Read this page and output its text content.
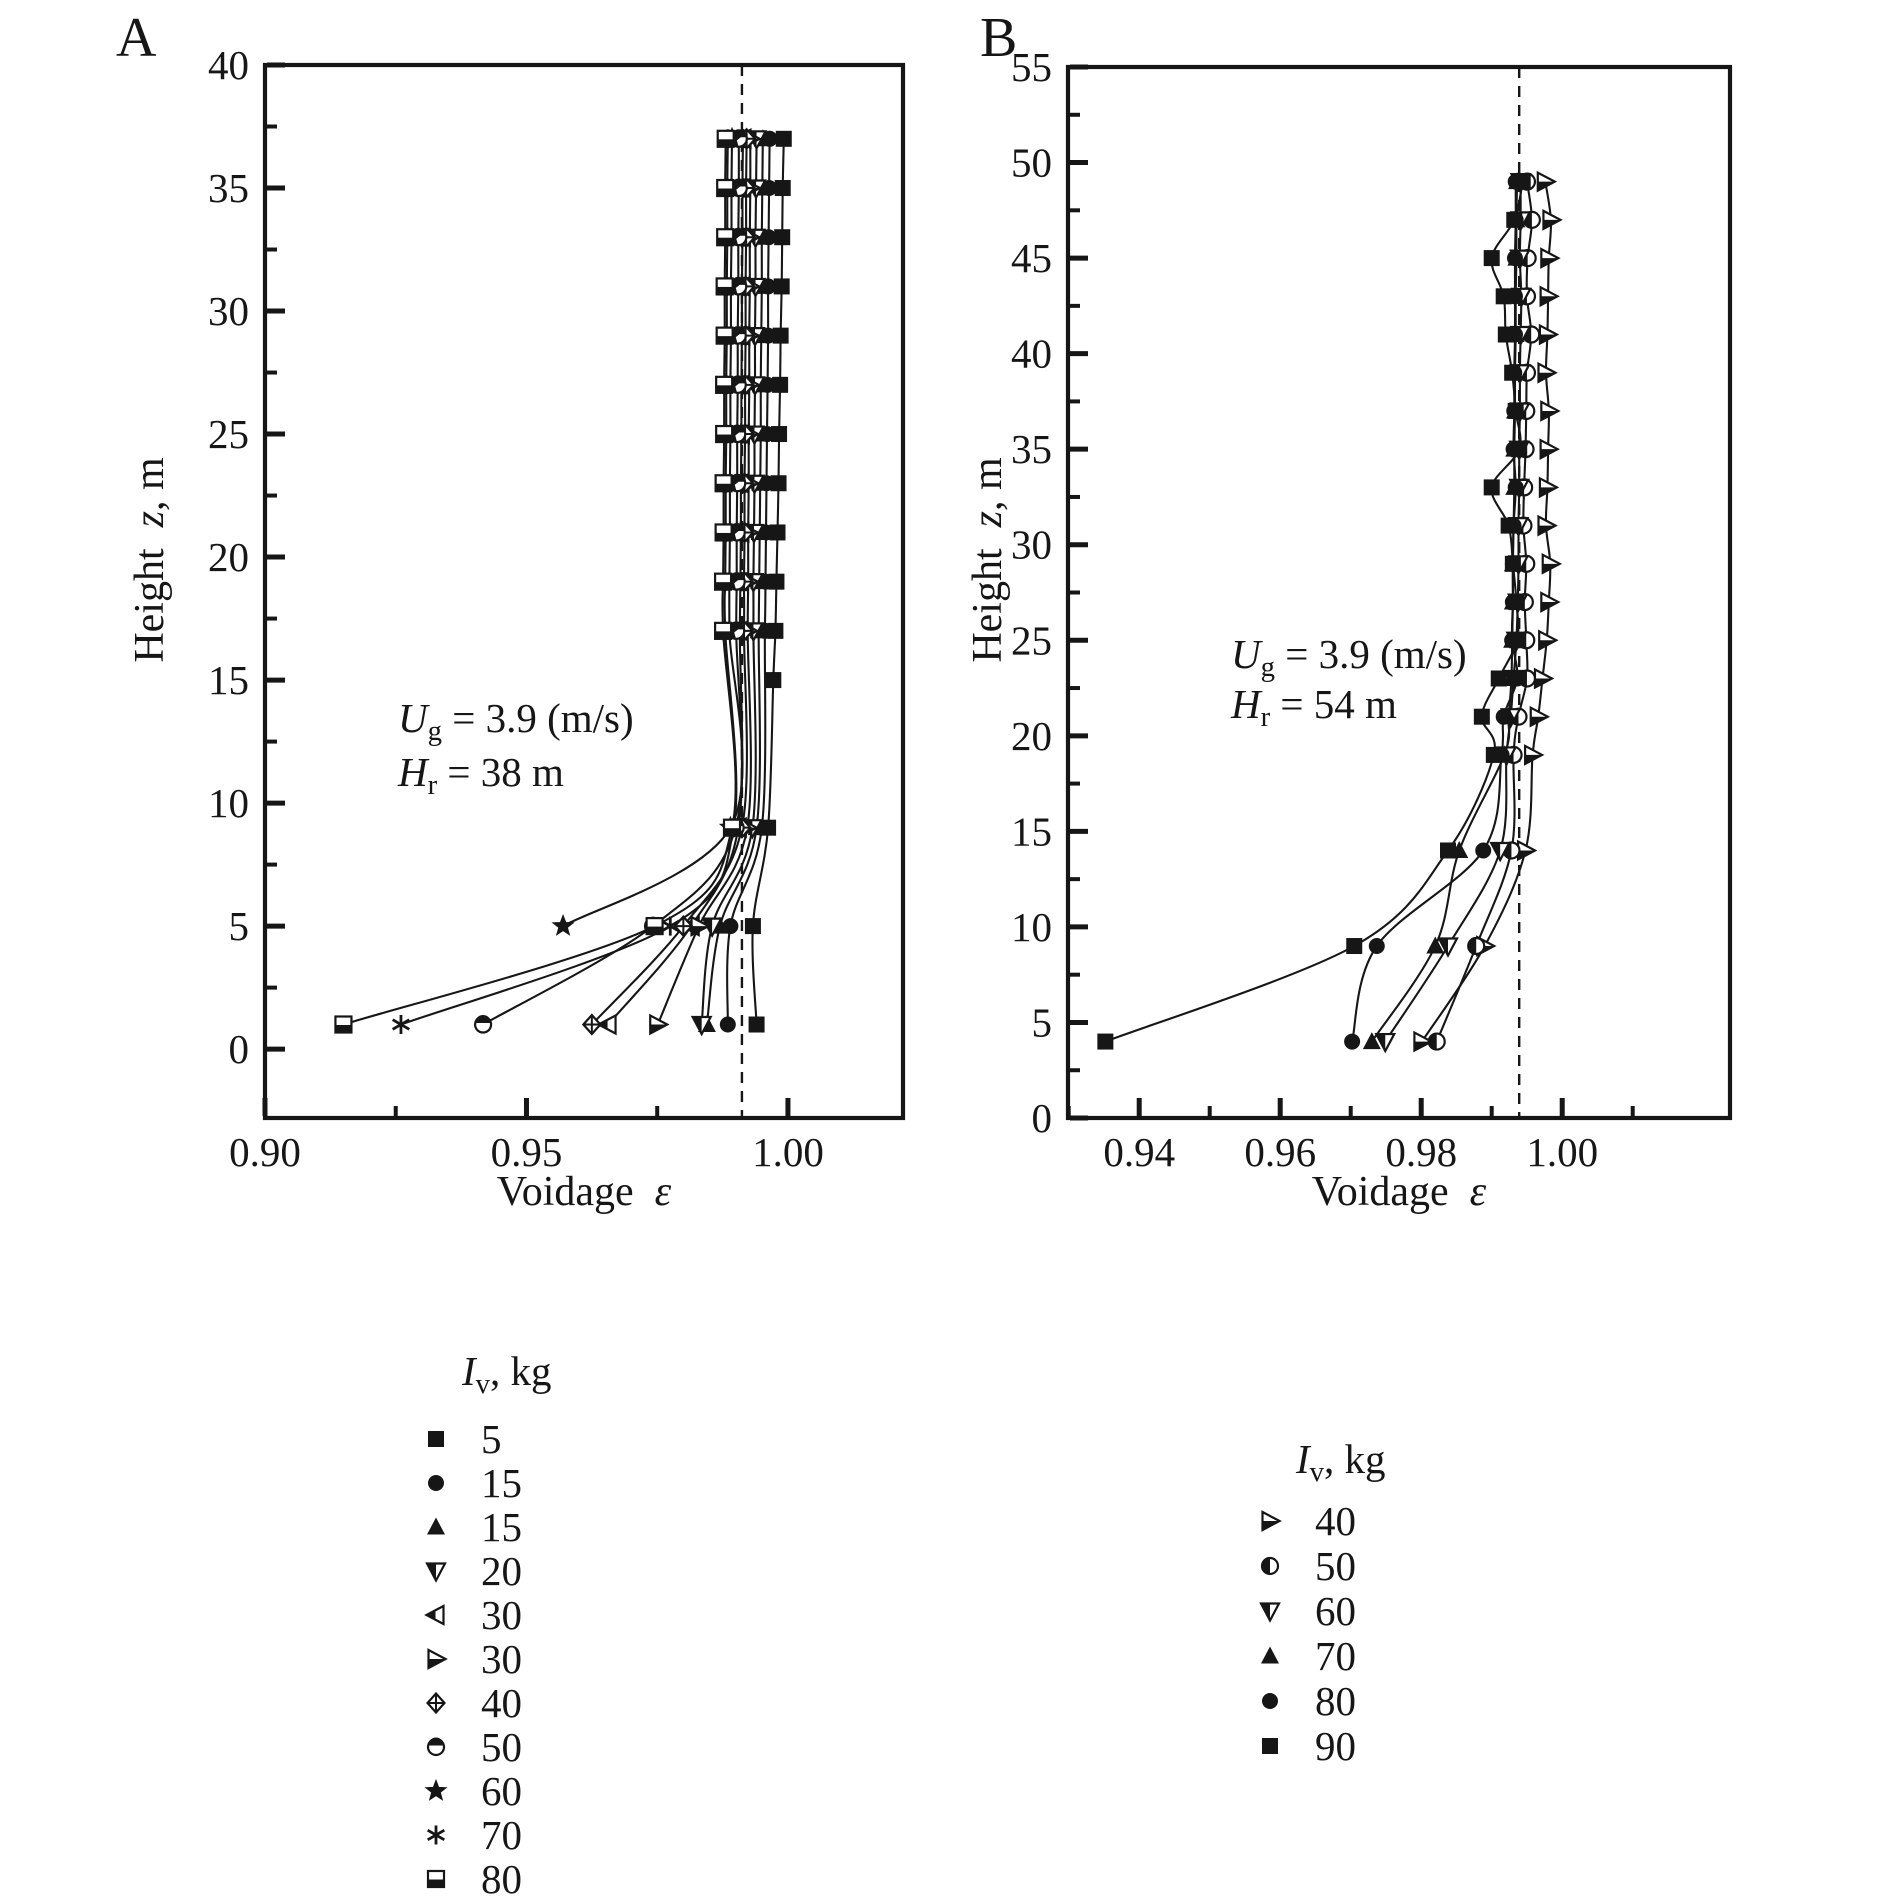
0
5
10
15
20
25
30
35
40
0.90	0.95	1.00
0
5
10
15
20
25
30
35
40
45
50
55
0.94 0.96 0.98 1.00
A	B
Height  z, m
Height  z, m
Voidage ε	Voidage ε
$I_v$, kg
5
15
15
20
30
30
40
50
60
70
80
$I_v$, kg
40
50
60
70
80
90
$U_g = 3.9$ (m/s)
$H_r = 38$ m
$U_g = 3.9$ (m/s)
$H_r = 54$ m
